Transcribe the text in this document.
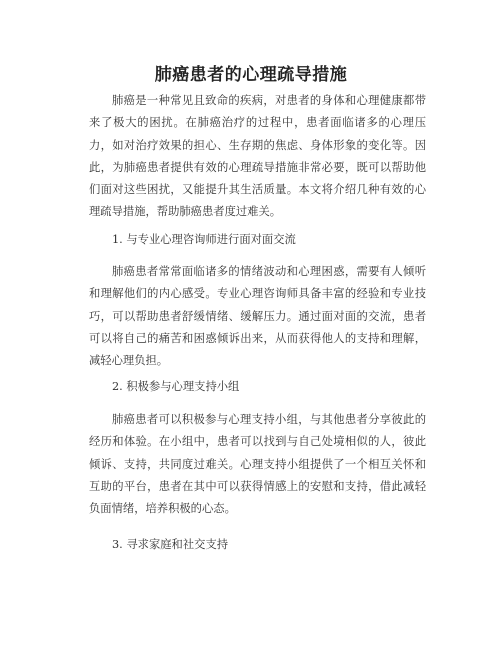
肺癌患者的心理疏导措施

肺癌是一种常见且致命的疾病，对患者的身体和心理健康都带来了极大的困扰。在肺癌治疗的过程中，患者面临诸多的心理压力，如对治疗效果的担心、生存期的焦虑、身体形象的变化等。因此，为肺癌患者提供有效的心理疏导措施非常必要，既可以帮助他们面对这些困扰，又能提升其生活质量。本文将介绍几种有效的心理疏导措施，帮助肺癌患者度过难关。

1. 与专业心理咨询师进行面对面交流

肺癌患者常常面临诸多的情绪波动和心理困惑，需要有人倾听和理解他们的内心感受。专业心理咨询师具备丰富的经验和专业技巧，可以帮助患者舒缓情绪、缓解压力。通过面对面的交流，患者可以将自己的痛苦和困惑倾诉出来，从而获得他人的支持和理解，减轻心理负担。

2. 积极参与心理支持小组

肺癌患者可以积极参与心理支持小组，与其他患者分享彼此的经历和体验。在小组中，患者可以找到与自己处境相似的人，彼此倾诉、支持，共同度过难关。心理支持小组提供了一个相互关怀和互助的平台，患者在其中可以获得情感上的安慰和支持，借此减轻负面情绪，培养积极的心态。

3. 寻求家庭和社交支持
